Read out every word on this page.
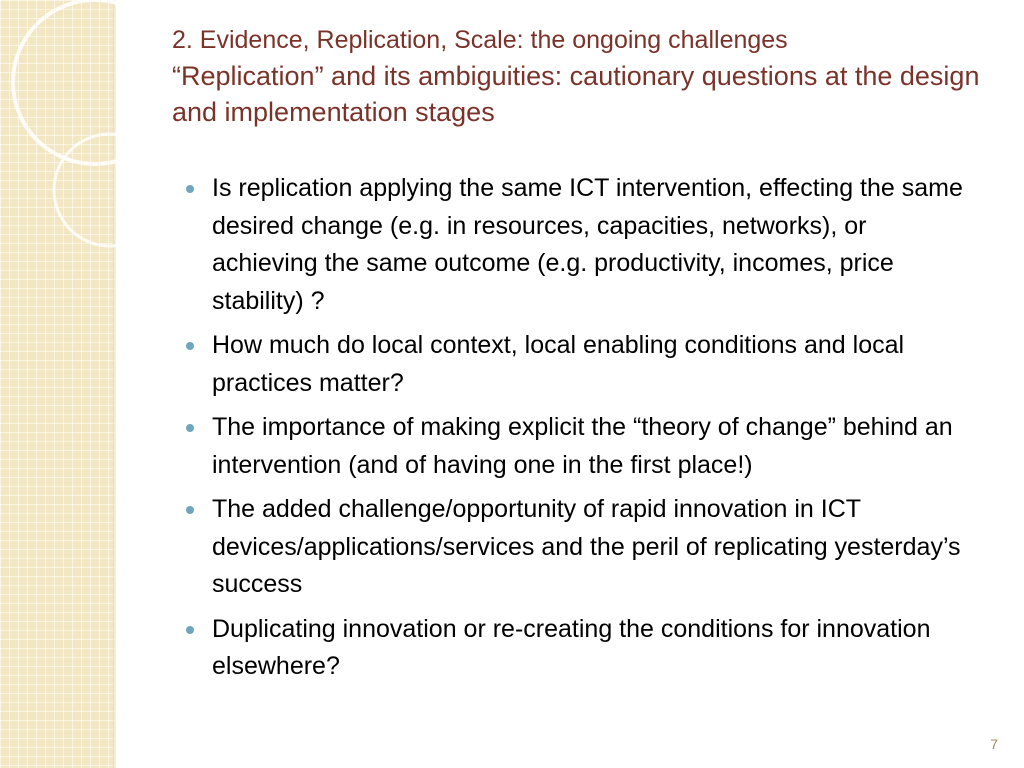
2. Evidence, Replication, Scale: the ongoing challenges
“Replication” and its ambiguities: cautionary questions at the design and implementation stages
Is replication applying the same ICT intervention, effecting the same desired change (e.g. in resources, capacities, networks), or achieving the same outcome (e.g. productivity, incomes, price stability) ?
How much do local context, local enabling conditions and local practices matter?
The importance of making explicit the “theory of change” behind an intervention (and of having one in the first place!)
The added challenge/opportunity of rapid innovation in ICT devices/applications/services and the peril of replicating yesterday’s success
Duplicating innovation or re-creating the conditions for innovation elsewhere?
7
